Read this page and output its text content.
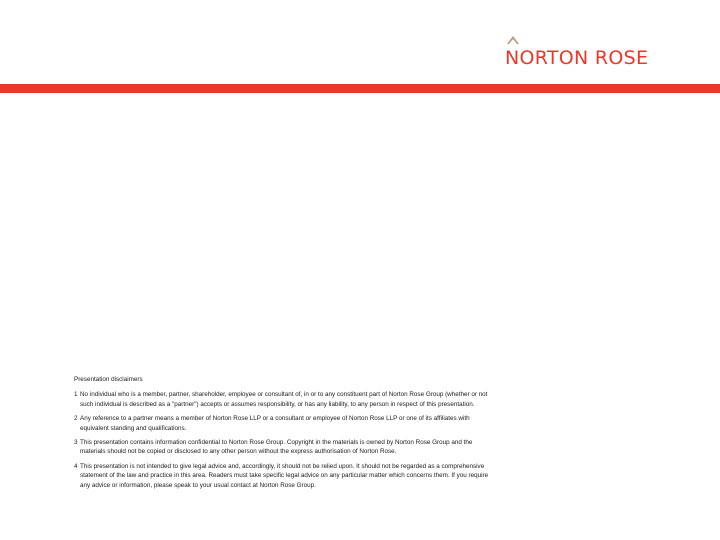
NORTON ROSE

Presentation disclaimers

1 No individual who is a member, partner, shareholder, employee or consultant of, in or to any constituent part of Norton Rose Group (whether or not such individual is described as a "partner") accepts or assumes responsibility, or has any liability, to any person in respect of this presentation.
2 Any reference to a partner means a member of Norton Rose LLP or a consultant or employee of Norton Rose LLP or one of its affiliates with equivalent standing and qualifications.
3 This presentation contains information confidential to Norton Rose Group. Copyright in the materials is owned by Norton Rose Group and the materials should not be copied or disclosed to any other person without the express authorisation of Norton Rose.
4 This presentation is not intended to give legal advice and, accordingly, it should not be relied upon. It should not be regarded as a comprehensive statement of the law and practice in this area. Readers must take specific legal advice on any particular matter which concerns them. If you require any advice or information, please speak to your usual contact at Norton Rose Group.
